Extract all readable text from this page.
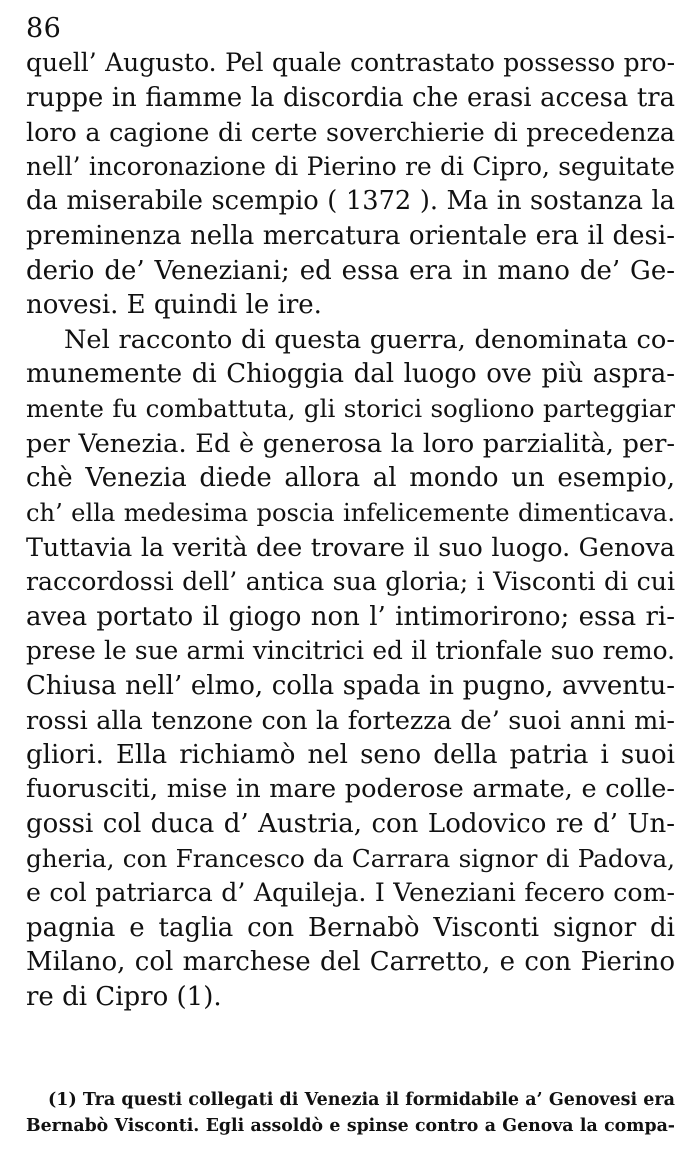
86
quell’ Augusto. Pel quale contrastato possesso pro-
ruppe in fiamme la discordia che erasi accesa tra
loro a cagione di certe soverchierie di precedenza
nell’ incoronazione di Pierino re di Cipro, seguitate
da miserabile scempio ( 1372 ). Ma in sostanza la
preminenza nella mercatura orientale era il desi-
derio de’ Veneziani; ed essa era in mano de’ Ge-
novesi. E quindi le ire.
Nel racconto di questa guerra, denominata co-
munemente di Chioggia dal luogo ove più aspra-
mente fu combattuta, gli storici sogliono parteggiar
per Venezia. Ed è generosa la loro parzialità, per-
chè Venezia diede allora al mondo un esempio,
ch’ ella medesima poscia infelicemente dimenticava.
Tuttavia la verità dee trovare il suo luogo. Genova
raccordossi dell’ antica sua gloria; i Visconti di cui
avea portato il giogo non l’ intimorirono; essa ri-
prese le sue armi vincitrici ed il trionfale suo remo.
Chiusa nell’ elmo, colla spada in pugno, avventu-
rossi alla tenzone con la fortezza de’ suoi anni mi-
gliori. Ella richiamò nel seno della patria i suoi
fuorusciti, mise in mare poderose armate, e colle-
gossi col duca d’ Austria, con Lodovico re d’ Un-
gheria, con Francesco da Carrara signor di Padova,
e col patriarca d’ Aquileja. I Veneziani fecero com-
pagnia e taglia con Bernabò Visconti signor di
Milano, col marchese del Carretto, e con Pierino
re di Cipro (1).
(1) Tra questi collegati di Venezia il formidabile a’ Genovesi era
Bernabò Visconti. Egli assoldò e spinse contro a Genova la compa-
